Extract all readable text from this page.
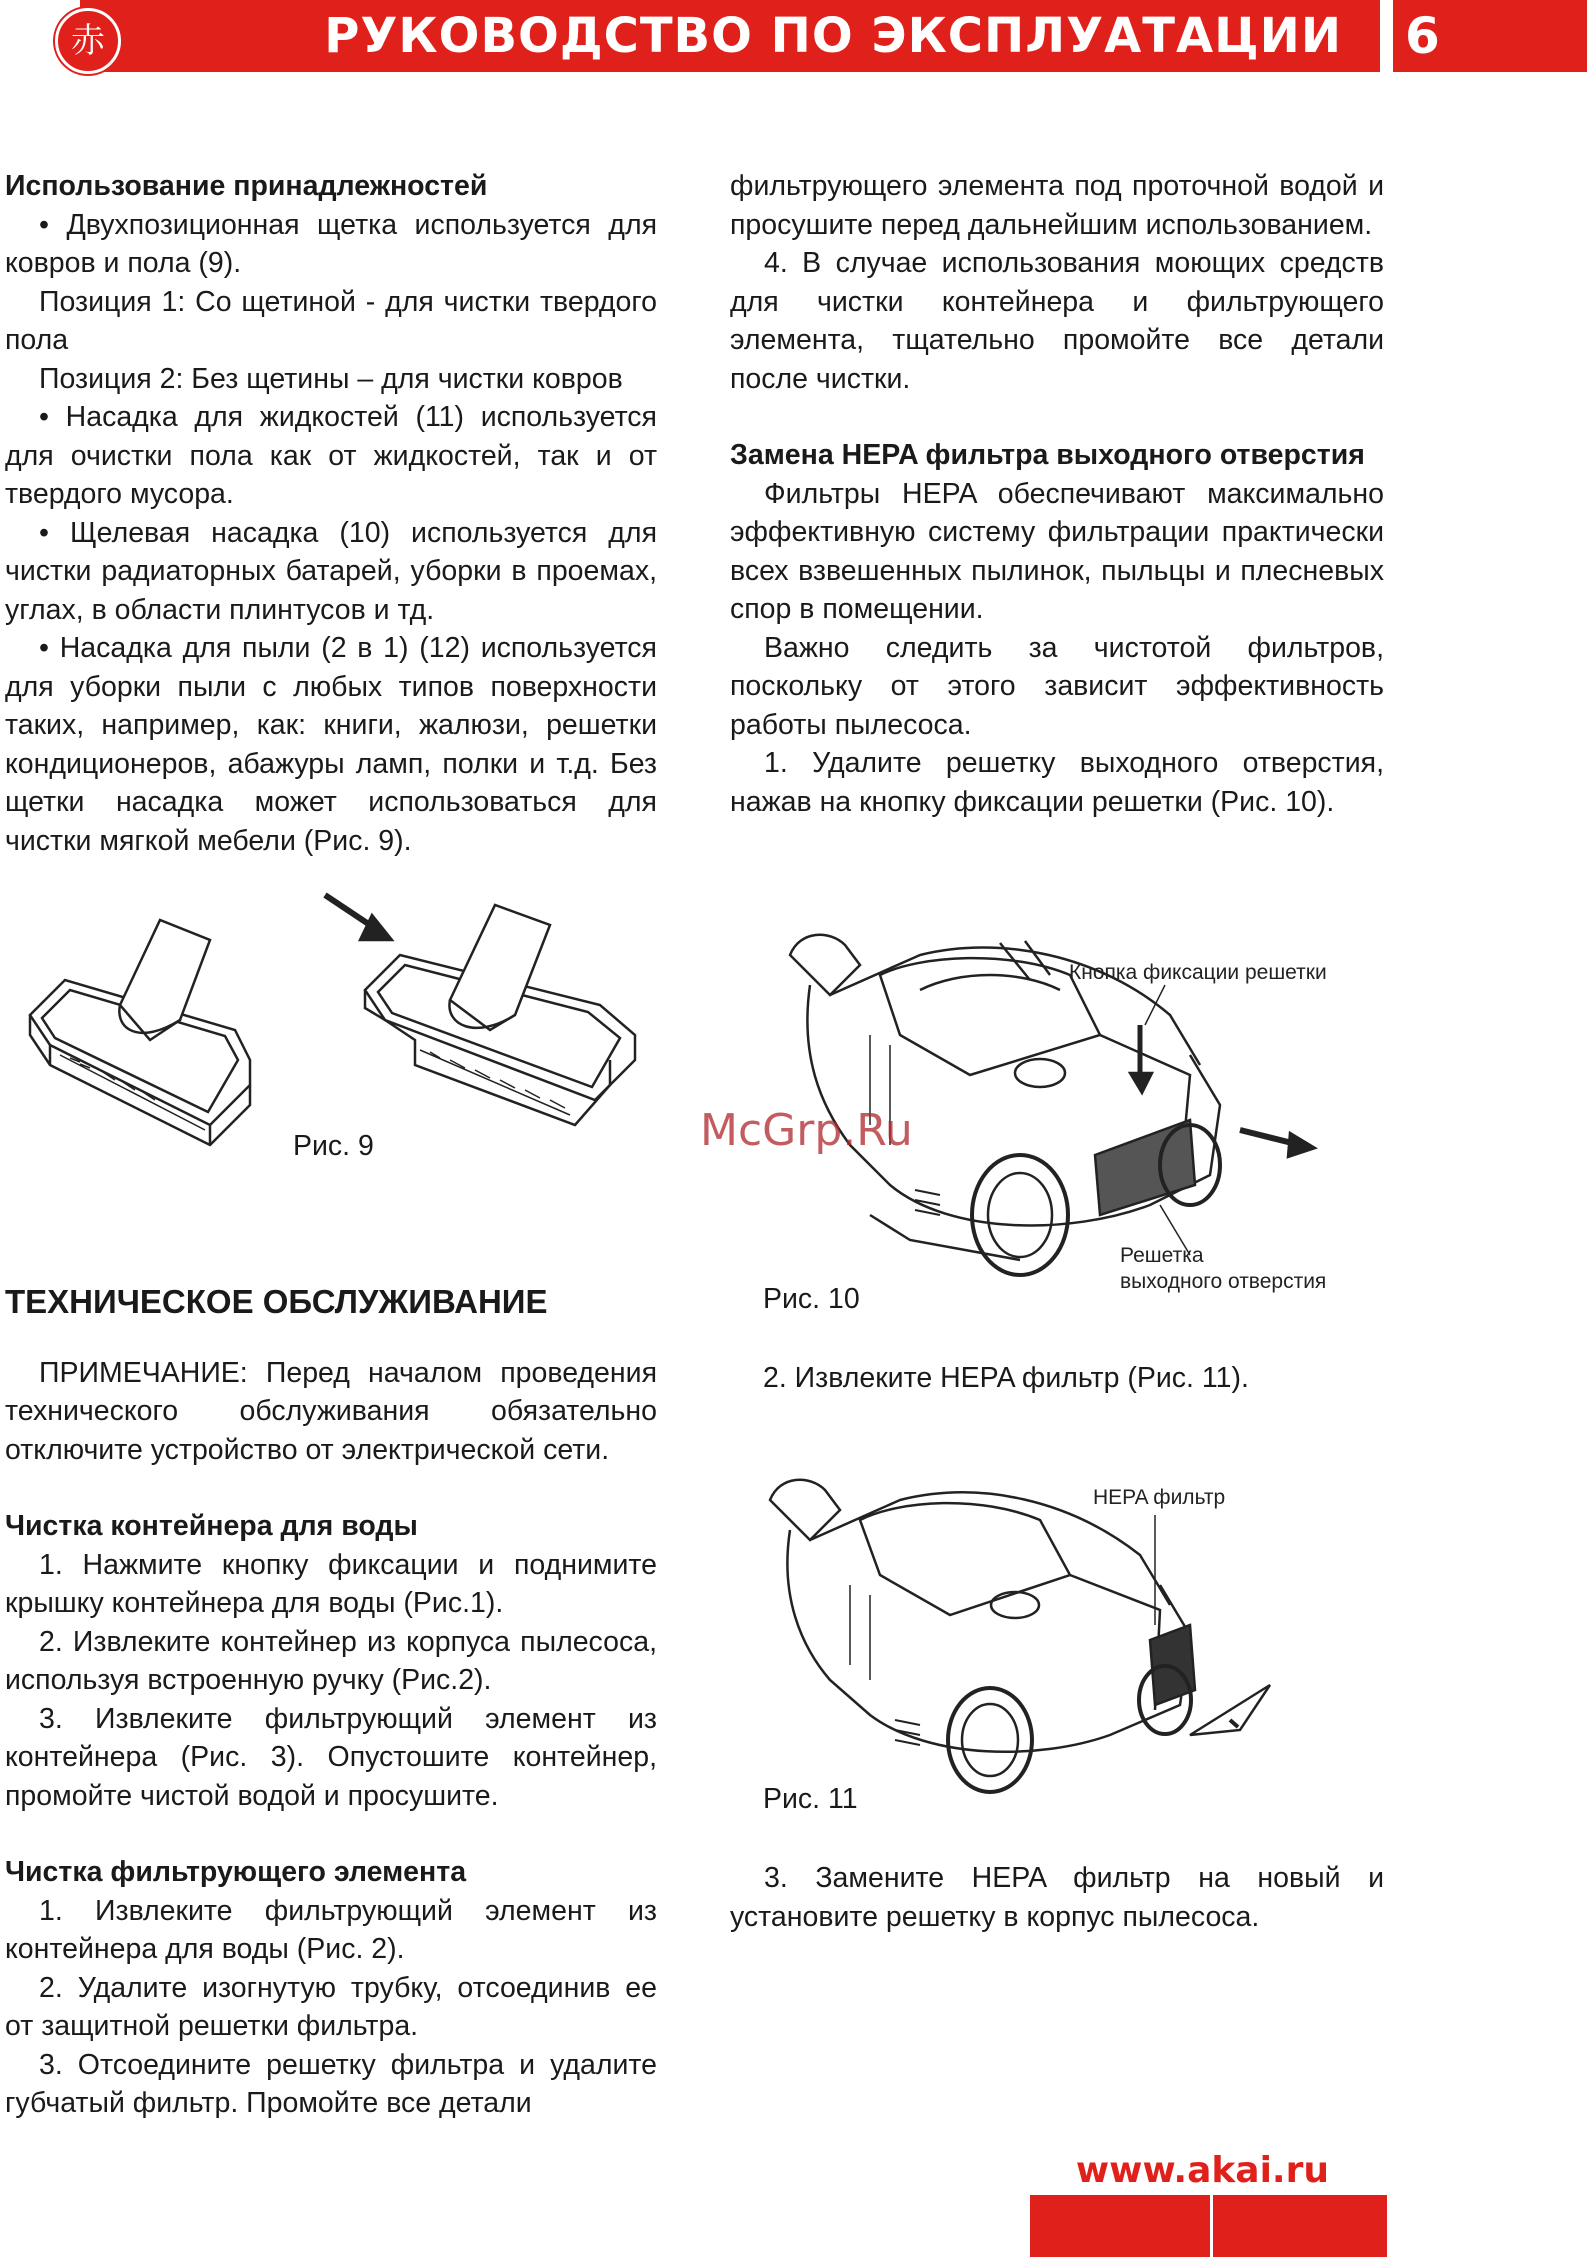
赤	РУКОВОДСТВО ПО ЭКСПЛУАТАЦИИ 6

Использование принадлежностей

• Двухпозиционная щетка используется для ковров и пола (9).

Позиция 1: Со щетиной - для чистки твердого пола

Позиция 2: Без щетины – для чистки ковров

• Насадка для жидкостей (11) используется для очистки пола как от жидкостей, так и от твердого мусора.

• Щелевая насадка (10) используется для чистки радиаторных батарей, уборки в проемах, углах, в области плинтусов и тд.

• Насадка для пыли (2 в 1) (12) используется для уборки пыли с любых типов поверхности таких, например, как: книги, жалюзи, решетки кондиционеров, абажуры ламп, полки и т.д. Без щетки насадка может использоваться для чистки мягкой мебели (Рис. 9).

Рис. 9

ТЕХНИЧЕСКОЕ ОБСЛУЖИВАНИЕ

ПРИМЕЧАНИЕ: Перед началом проведения технического обслуживания обязательно отключите устройство от электрической сети.

Чистка контейнера для воды

1. Нажмите кнопку фиксации и поднимите крышку контейнера для воды (Рис.1).

2. Извлеките контейнер из корпуса пылесоса, используя встроенную ручку (Рис.2).

3. Извлеките фильтрующий элемент из контейнера (Рис. 3). Опустошите контейнер, промойте чистой водой и просушите.

Чистка фильтрующего элемента

1. Извлеките фильтрующий элемент из контейнера для воды (Рис. 2).

2. Удалите изогнутую трубку, отсоединив ее от защитной решетки фильтра.

3. Отсоедините решетку фильтра и удалите губчатый фильтр. Промойте все детали

фильтрующего элемента под проточной водой и просушите перед дальнейшим использованием.

4. В случае использования моющих средств для чистки контейнера и фильтрующего элемента, тщательно промойте все детали после чистки.

Замена HEPA фильтра выходного отверстия

Фильтры HEPA обеспечивают максимально эффективную систему фильтрации практически всех взвешенных пылинок, пыльцы и плесневых спор в помещении.

Важно следить за чистотой фильтров, поскольку от этого зависит эффективность работы пылесоса.

1. Удалите решетку выходного отверстия, нажав на кнопку фиксации решетки (Рис. 10).

Кнопка фиксации решетки
Решетка
выходного отверстия
McGrp.Ru
Рис. 10

2. Извлеките HEPA фильтр (Рис. 11).

HEPA фильтр
Рис. 11

3. Замените HEPA фильтр на новый и установите решетку в корпус пылесоса.

www.akai.ru
